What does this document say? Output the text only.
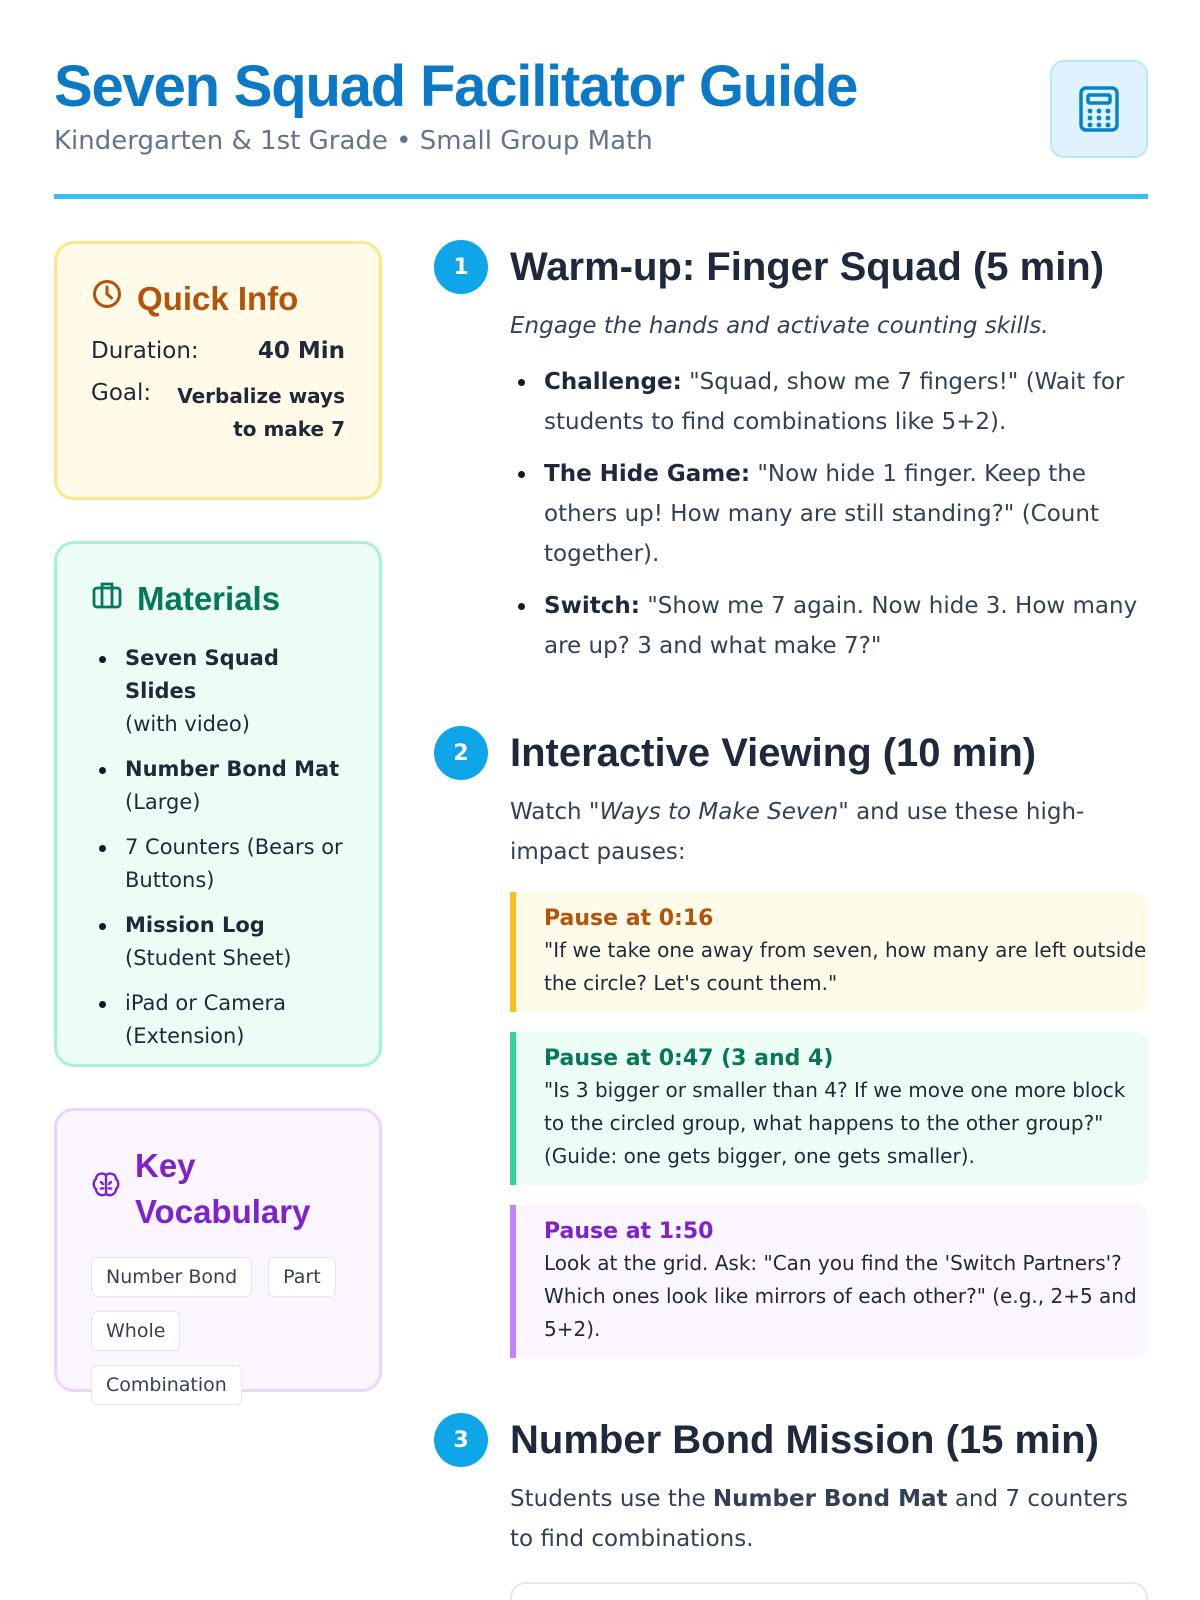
Seven Squad Facilitator Guide
Kindergarten & 1st Grade • Small Group Math
Quick Info
Duration:	40 Min
Goal:	Verbalize ways to make 7
Materials
Seven Squad Slides
(with video)
Number Bond Mat
(Large)
7 Counters (Bears or Buttons)
Mission Log
(Student Sheet)
iPad or Camera (Extension)
Key Vocabulary
Number Bond	Part
Whole
Combination
1	Warm-up: Finger Squad (5 min)
Engage the hands and activate counting skills.
Challenge: "Squad, show me 7 fingers!" (Wait for students to find combinations like 5+2).
The Hide Game: "Now hide 1 finger. Keep the others up! How many are still standing?" (Count together).
Switch: "Show me 7 again. Now hide 3. How many are up? 3 and what make 7?"
2	Interactive Viewing (10 min)
Watch "Ways to Make Seven" and use these high-impact pauses:
Pause at 0:16
"If we take one away from seven, how many are left outside the circle? Let's count them."
Pause at 0:47 (3 and 4)
"Is 3 bigger or smaller than 4? If we move one more block to the circled group, what happens to the other group?" (Guide: one gets bigger, one gets smaller).
Pause at 1:50
Look at the grid. Ask: "Can you find the 'Switch Partners'? Which ones look like mirrors of each other?" (e.g., 2+5 and 5+2).
3	Number Bond Mission (15 min)
Students use the Number Bond Mat and 7 counters to find combinations.
